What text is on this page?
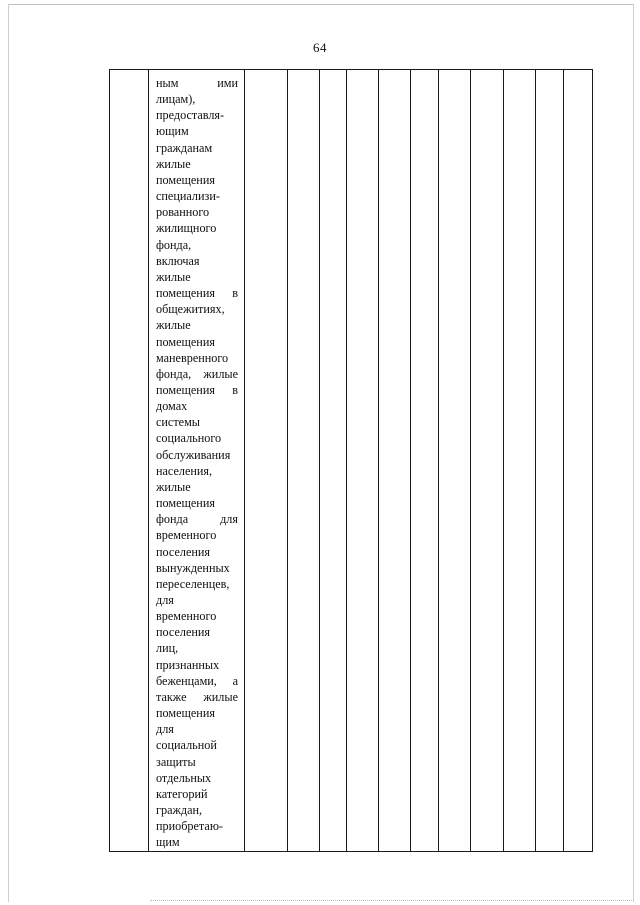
64

ным ими
лицам),
предоставля-
ющим
гражданам
жилые
помещения
специализи-
рованного
жилищного
фонда,
включая
жилые
помещения в
общежитиях,
жилые
помещения
маневренного
фонда, жилые
помещения в
домах
системы
социального
обслуживания
населения,
жилые
помещения
фонда для
временного
поселения
вынужденных
переселенцев,
для
временного
поселения
лиц,
признанных
беженцами, а
также жилые
помещения
для
социальной
защиты
отдельных
категорий
граждан,
приобретаю-
щим
